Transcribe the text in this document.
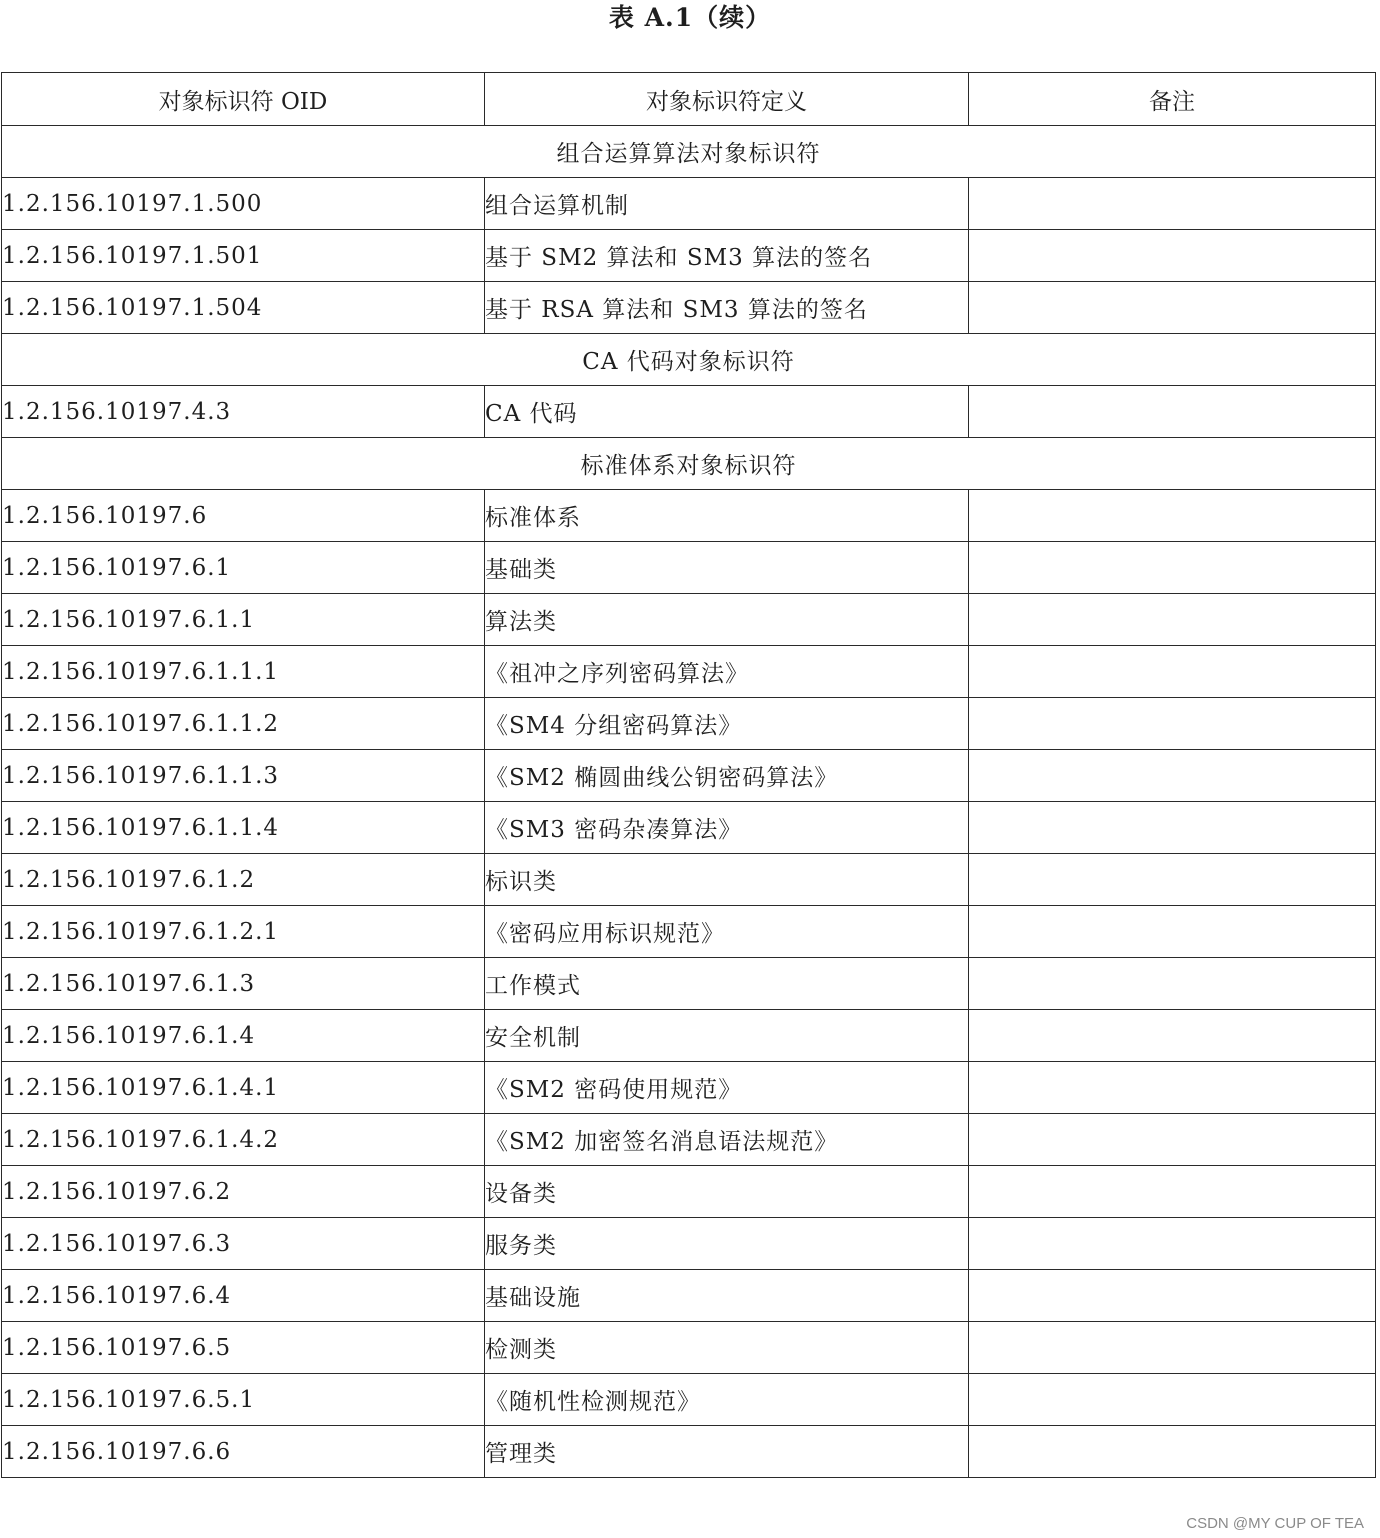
表 A.1（续）
对象标识符 OID	对象标识符定义	备注
组合运算算法对象标识符		
1.2.156.10197.1.500	组合运算机制	
1.2.156.10197.1.501	基于 SM2 算法和 SM3 算法的签名	
1.2.156.10197.1.504	基于 RSA 算法和 SM3 算法的签名	
CA 代码对象标识符		
1.2.156.10197.4.3	CA 代码	
标准体系对象标识符		
1.2.156.10197.6	标准体系	
1.2.156.10197.6.1	基础类	
1.2.156.10197.6.1.1	算法类	
1.2.156.10197.6.1.1.1	《祖冲之序列密码算法》	
1.2.156.10197.6.1.1.2	《SM4 分组密码算法》	
1.2.156.10197.6.1.1.3	《SM2 椭圆曲线公钥密码算法》	
1.2.156.10197.6.1.1.4	《SM3 密码杂凑算法》	
1.2.156.10197.6.1.2	标识类	
1.2.156.10197.6.1.2.1	《密码应用标识规范》	
1.2.156.10197.6.1.3	工作模式	
1.2.156.10197.6.1.4	安全机制	
1.2.156.10197.6.1.4.1	《SM2 密码使用规范》	
1.2.156.10197.6.1.4.2	《SM2 加密签名消息语法规范》	
1.2.156.10197.6.2	设备类	
1.2.156.10197.6.3	服务类	
1.2.156.10197.6.4	基础设施	
1.2.156.10197.6.5	检测类	
1.2.156.10197.6.5.1	《随机性检测规范》	
1.2.156.10197.6.6	管理类	
CSDN @MY CUP OF TEA
